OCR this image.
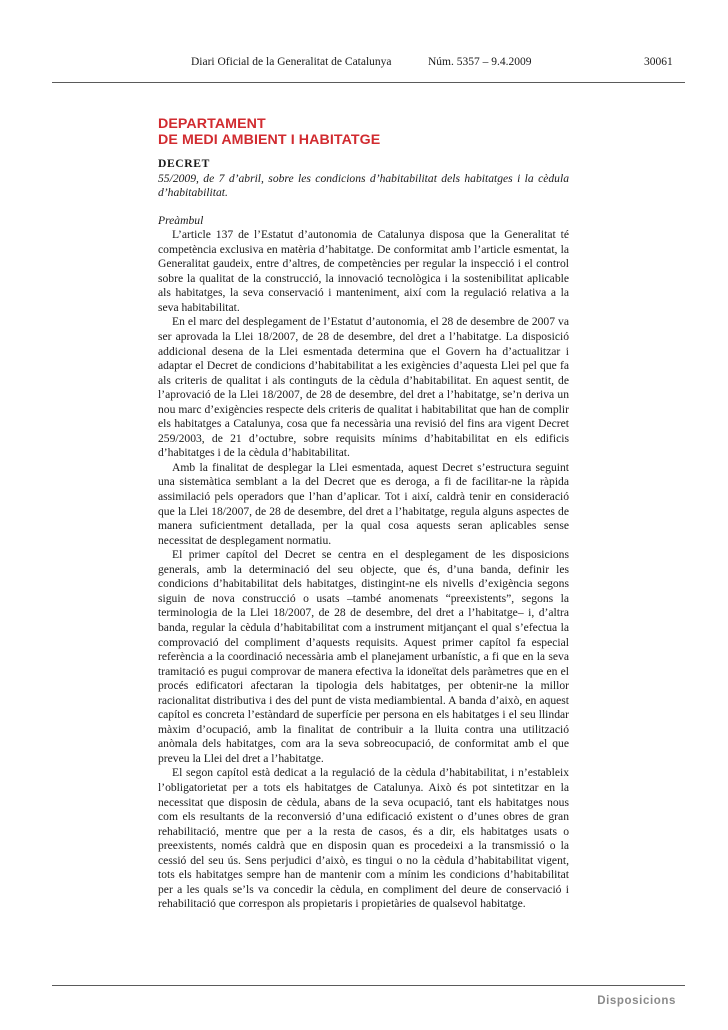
Diari Oficial de la Generalitat de Catalunya	Núm. 5357 – 9.4.2009	30061
DEPARTAMENT
DE MEDI AMBIENT I HABITATGE
DECRET
55/2009, de 7 d’abril, sobre les condicions d’habitabilitat dels habitatges i la cèdula d’habitabilitat.
Preàmbul

L’article 137 de l’Estatut d’autonomia de Catalunya disposa que la Generalitat té competència exclusiva en matèria d’habitatge. De conformitat amb l’article esmentat, la Generalitat gaudeix, entre d’altres, de competències per regular la inspecció i el control sobre la qualitat de la construcció, la innovació tecnològica i la sostenibilitat aplicable als habitatges, la seva conservació i manteniment, així com la regulació relativa a la seva habitabilitat.

En el marc del desplegament de l’Estatut d’autonomia, el 28 de desembre de 2007 va ser aprovada la Llei 18/2007, de 28 de desembre, del dret a l’habitatge. La disposició addicional desena de la Llei esmentada determina que el Govern ha d’actualitzar i adaptar el Decret de condicions d’habitabilitat a les exigències d’aquesta Llei pel que fa als criteris de qualitat i als continguts de la cèdula d’habitabilitat. En aquest sentit, de l’aprovació de la Llei 18/2007, de 28 de desembre, del dret a l’habitatge, se’n deriva un nou marc d’exigències respecte dels criteris de qualitat i habitabilitat que han de complir els habitatges a Catalunya, cosa que fa necessària una revisió del fins ara vigent Decret 259/2003, de 21 d’octubre, sobre requisits mínims d’habitabilitat en els edificis d’habitatges i de la cèdula d’habitabilitat.

Amb la finalitat de desplegar la Llei esmentada, aquest Decret s’estructura seguint una sistemàtica semblant a la del Decret que es deroga, a fi de facilitar-ne la ràpida assimilació pels operadors que l’han d’aplicar. Tot i així, caldrà tenir en consideració que la Llei 18/2007, de 28 de desembre, del dret a l’habitatge, regula alguns aspectes de manera suficientment detallada, per la qual cosa aquests seran aplicables sense necessitat de desplegament normatiu.

El primer capítol del Decret se centra en el desplegament de les disposicions generals, amb la determinació del seu objecte, que és, d’una banda, definir les condicions d’habitabilitat dels habitatges, distingint-ne els nivells d’exigència segons siguin de nova construcció o usats –també anomenats “preexistents”, segons la terminologia de la Llei 18/2007, de 28 de desembre, del dret a l’habitatge– i, d’altra banda, regular la cèdula d’habitabilitat com a instrument mitjançant el qual s’efectua la comprovació del compliment d’aquests requisits. Aquest primer capítol fa especial referència a la coordinació necessària amb el planejament urbanístic, a fi que en la seva tramitació es pugui comprovar de manera efectiva la idoneïtat dels paràmetres que en el procés edificatori afectaran la tipologia dels habitatges, per obtenir-ne la millor racionalitat distributiva i des del punt de vista mediambiental. A banda d’això, en aquest capítol es concreta l’estàndard de superfície per persona en els habitatges i el seu llindar màxim d’ocupació, amb la finalitat de contribuir a la lluita contra una utilització anòmala dels habitatges, com ara la seva sobreocupació, de conformitat amb el que preveu la Llei del dret a l’habitatge.

El segon capítol està dedicat a la regulació de la cèdula d’habitabilitat, i n’estableix l’obligatorietat per a tots els habitatges de Catalunya. Això és pot sintetitzar en la necessitat que disposin de cèdula, abans de la seva ocupació, tant els habitatges nous com els resultants de la reconversió d’una edificació existent o d’unes obres de gran rehabilitació, mentre que per a la resta de casos, és a dir, els habitatges usats o preexistents, només caldrà que en disposin quan es procedeixi a la transmissió o la cessió del seu ús. Sens perjudici d’això, es tingui o no la cèdula d’habitabilitat vigent, tots els habitatges sempre han de mantenir com a mínim les condicions d’habitabilitat per a les quals se’ls va concedir la cèdula, en compliment del deure de conservació i rehabilitació que correspon als propietaris i propietàries de qualsevol habitatge.

Disposicions
